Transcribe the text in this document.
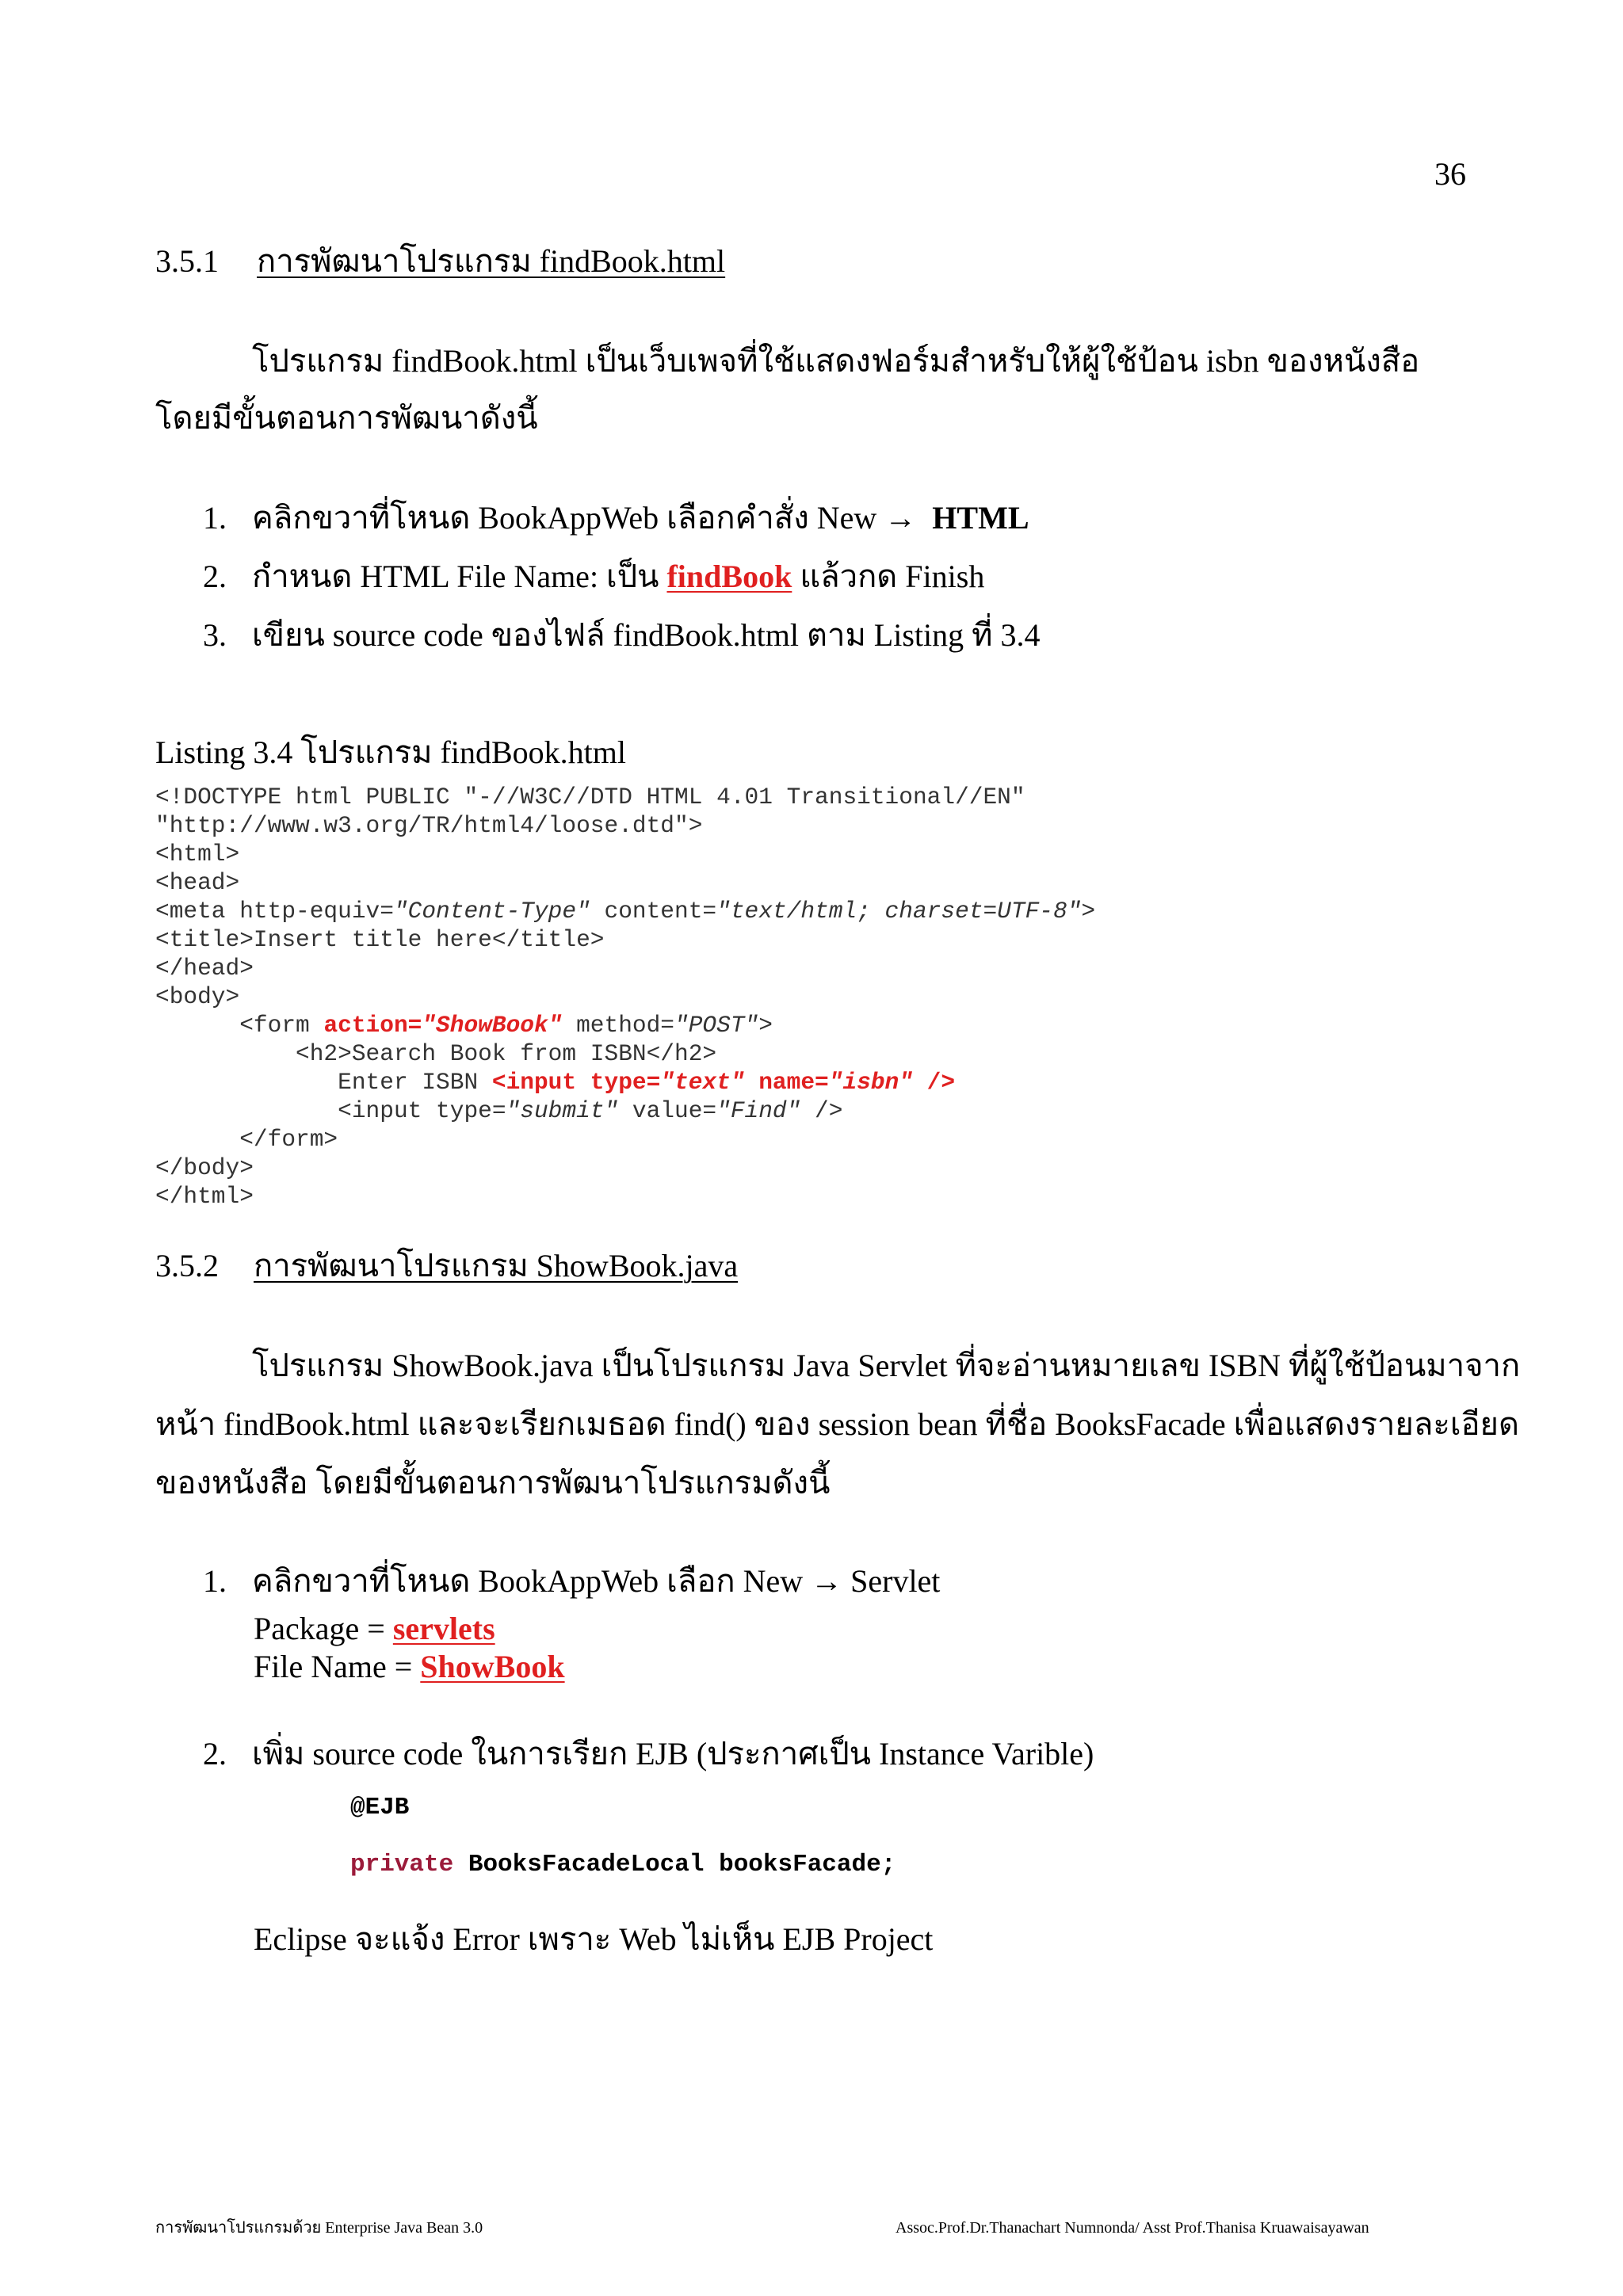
36
3.5.1 การพัฒนาโปรแกรม findBook.html
โปรแกรม findBook.html เป็นเว็บเพจที่ใช้แสดงฟอร์มสำหรับให้ผู้ใช้ป้อน isbn ของหนังสือ
โดยมีขั้นตอนการพัฒนาดังนี้
1. คลิกขวาที่โหนด BookAppWeb เลือกคำสั่ง New → HTML
2. กำหนด HTML File Name: เป็น findBook แล้วกด Finish
3. เขียน source code ของไฟล์ findBook.html ตาม Listing ที่ 3.4
Listing 3.4 โปรแกรม findBook.html
<!DOCTYPE html PUBLIC "-//W3C//DTD HTML 4.01 Transitional//EN"
"http://www.w3.org/TR/html4/loose.dtd">
<html>
<head>
<meta http-equiv="Content-Type" content="text/html; charset=UTF-8">
<title>Insert title here</title>
</head>
<body>
<form action="ShowBook" method="POST">
<h2>Search Book from ISBN</h2>
Enter ISBN <input type="text" name="isbn" />
<input type="submit" value="Find" />
</form>
</body>
</html>
3.5.2 การพัฒนาโปรแกรม ShowBook.java
โปรแกรม ShowBook.java เป็นโปรแกรม Java Servlet ที่จะอ่านหมายเลข ISBN ที่ผู้ใช้ป้อนมาจาก
หน้า findBook.html และจะเรียกเมธอด find() ของ session bean ที่ชื่อ BooksFacade เพื่อแสดงรายละเอียด
ของหนังสือ โดยมีขั้นตอนการพัฒนาโปรแกรมดังนี้
1. คลิกขวาที่โหนด BookAppWeb เลือก New → Servlet
Package = servlets
File Name = ShowBook
2. เพิ่ม source code ในการเรียก EJB (ประกาศเป็น Instance Varible)
@EJB
private BooksFacadeLocal booksFacade;
Eclipse จะแจ้ง Error เพราะ Web ไม่เห็น EJB Project
การพัฒนาโปรแกรมด้วย Enterprise Java Bean 3.0	Assoc.Prof.Dr.Thanachart Numnonda/ Asst Prof.Thanisa Kruawaisayawan
